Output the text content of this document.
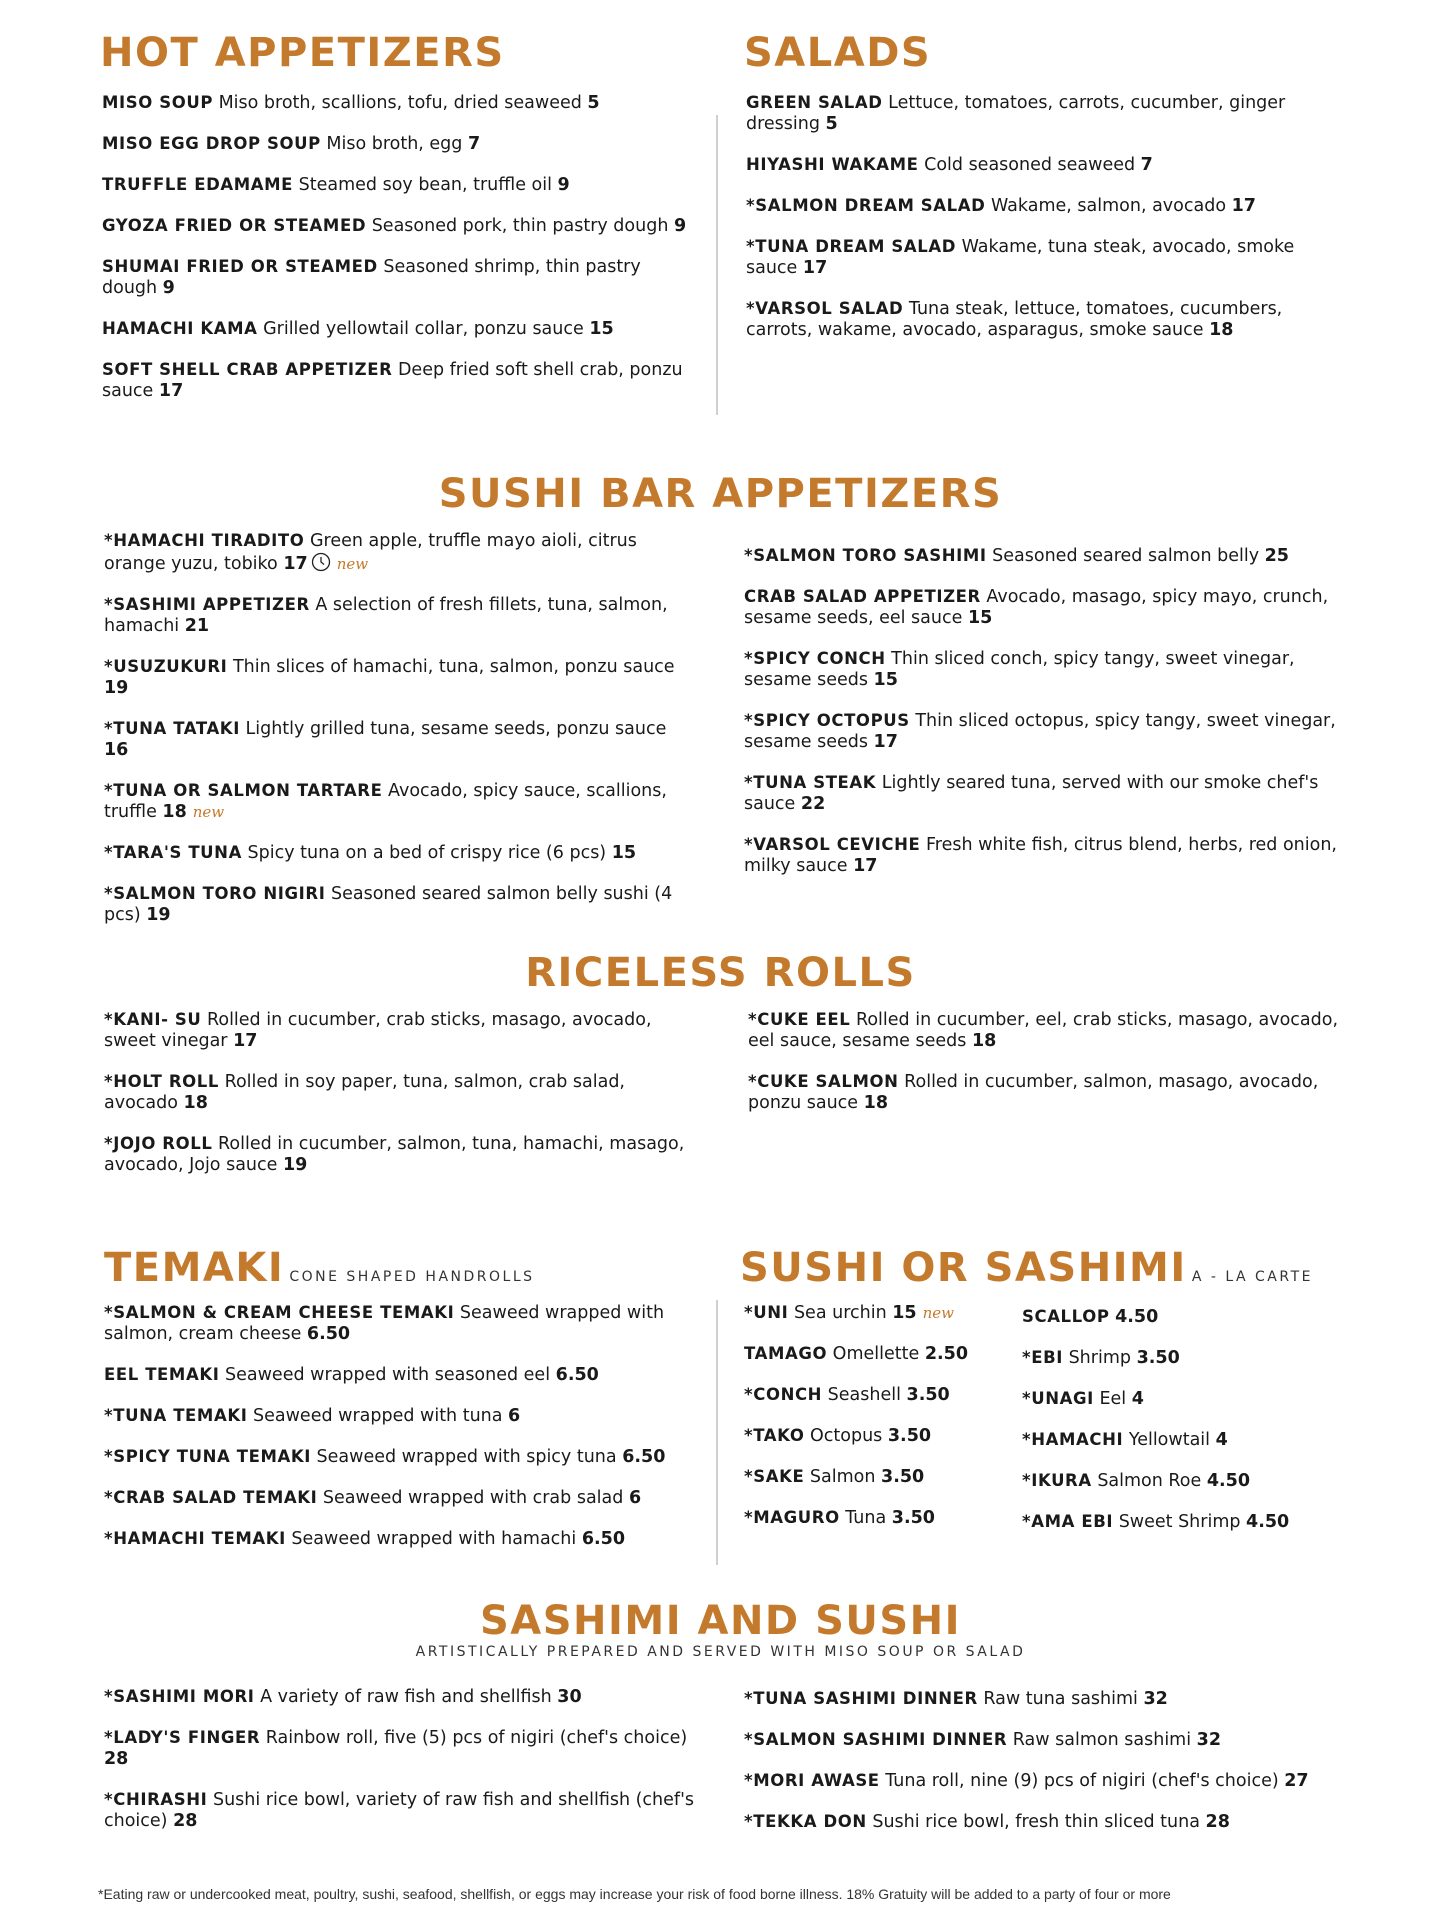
HOT APPETIZERS

MISO SOUP Miso broth, scallions, tofu, dried seaweed 5

MISO EGG DROP SOUP Miso broth, egg 7

TRUFFLE EDAMAME Steamed soy bean, truffle oil 9

GYOZA FRIED OR STEAMED Seasoned pork, thin pastry dough 9

SHUMAI FRIED OR STEAMED Seasoned shrimp, thin pastry dough 9

HAMACHI KAMA Grilled yellowtail collar, ponzu sauce 15

SOFT SHELL CRAB APPETIZER Deep fried soft shell crab, ponzu sauce 17

SALADS

GREEN SALAD Lettuce, tomatoes, carrots, cucumber, ginger dressing 5

HIYASHI WAKAME Cold seasoned seaweed 7

*SALMON DREAM SALAD Wakame, salmon, avocado 17

*TUNA DREAM SALAD Wakame, tuna steak, avocado, smoke sauce 17

*VARSOL SALAD Tuna steak, lettuce, tomatoes, cucumbers, carrots, wakame, avocado, asparagus, smoke sauce 18

SUSHI BAR APPETIZERS

*HAMACHI TIRADITO Green apple, truffle mayo aioli, citrus orange yuzu, tobiko 17 new

*SASHIMI APPETIZER A selection of fresh fillets, tuna, salmon, hamachi 21

*USUZUKURI Thin slices of hamachi, tuna, salmon, ponzu sauce 19

*TUNA TATAKI Lightly grilled tuna, sesame seeds, ponzu sauce 16

*TUNA OR SALMON TARTARE Avocado, spicy sauce, scallions, truffle 18 new

*TARA'S TUNA Spicy tuna on a bed of crispy rice (6 pcs) 15

*SALMON TORO NIGIRI Seasoned seared salmon belly sushi (4 pcs) 19

*SALMON TORO SASHIMI Seasoned seared salmon belly 25

CRAB SALAD APPETIZER Avocado, masago, spicy mayo, crunch, sesame seeds, eel sauce 15

*SPICY CONCH Thin sliced conch, spicy tangy, sweet vinegar, sesame seeds 15

*SPICY OCTOPUS Thin sliced octopus, spicy tangy, sweet vinegar, sesame seeds 17

*TUNA STEAK Lightly seared tuna, served with our smoke chef's sauce 22

*VARSOL CEVICHE Fresh white fish, citrus blend, herbs, red onion, milky sauce 17

RICELESS ROLLS

*KANI- SU Rolled in cucumber, crab sticks, masago, avocado, sweet vinegar 17

*HOLT ROLL Rolled in soy paper, tuna, salmon, crab salad, avocado 18

*JOJO ROLL Rolled in cucumber, salmon, tuna, hamachi, masago, avocado, Jojo sauce 19

*CUKE EEL Rolled in cucumber, eel, crab sticks, masago, avocado, eel sauce, sesame seeds 18

*CUKE SALMON Rolled in cucumber, salmon, masago, avocado, ponzu sauce 18

TEMAKI CONE SHAPED HANDROLLS

*SALMON & CREAM CHEESE TEMAKI Seaweed wrapped with salmon, cream cheese 6.50

EEL TEMAKI Seaweed wrapped with seasoned eel 6.50

*TUNA TEMAKI Seaweed wrapped with tuna 6

*SPICY TUNA TEMAKI Seaweed wrapped with spicy tuna 6.50

*CRAB SALAD TEMAKI Seaweed wrapped with crab salad 6

*HAMACHI TEMAKI Seaweed wrapped with hamachi 6.50

SUSHI OR SASHIMI A - LA CARTE

*UNI Sea urchin 15 new

TAMAGO Omellette 2.50

*CONCH Seashell 3.50

*TAKO Octopus 3.50

*SAKE Salmon 3.50

*MAGURO Tuna 3.50

SCALLOP 4.50

*EBI Shrimp 3.50

*UNAGI Eel 4

*HAMACHI Yellowtail 4

*IKURA Salmon Roe 4.50

*AMA EBI Sweet Shrimp 4.50

SASHIMI AND SUSHI
ARTISTICALLY PREPARED AND SERVED WITH MISO SOUP OR SALAD

*SASHIMI MORI A variety of raw fish and shellfish 30

*LADY'S FINGER Rainbow roll, five (5) pcs of nigiri (chef's choice) 28

*CHIRASHI Sushi rice bowl, variety of raw fish and shellfish (chef's choice) 28

*TUNA SASHIMI DINNER Raw tuna sashimi 32

*SALMON SASHIMI DINNER Raw salmon sashimi 32

*MORI AWASE Tuna roll, nine (9) pcs of nigiri (chef's choice) 27

*TEKKA DON Sushi rice bowl, fresh thin sliced tuna 28

*Eating raw or undercooked meat, poultry, sushi, seafood, shellfish, or eggs may increase your risk of food borne illness. 18% Gratuity will be added to a party of four or more
